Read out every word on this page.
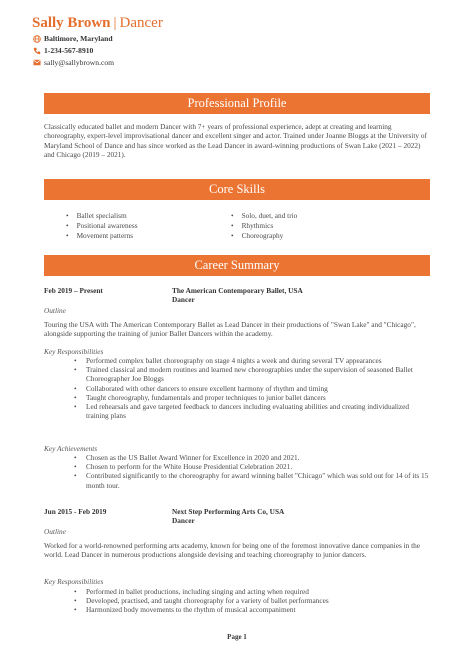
Sally Brown | Dancer
Baltimore, Maryland
1-234-567-8910
sally@sallybrown.com
Professional Profile
Classically educated ballet and modern Dancer with 7+ years of professional experience, adept at creating and learning choreography, expert-level improvisational dancer and excellent singer and actor. Trained under Joanne Bloggs at the University of Maryland School of Dance and has since worked as the Lead Dancer in award-winning productions of Swan Lake (2021 – 2022) and Chicago (2019 – 2021).
Core Skills
• Ballet specialism
• Positional awareness
• Movement patterns
• Solo, duet, and trio
• Rhythmics
• Choreography
Career Summary
Feb 2019 – Present	The American Contemporary Ballet, USA
Dancer
Outline
Touring the USA with The American Contemporary Ballet as Lead Dancer in their productions of "Swan Lake" and "Chicago", alongside supporting the training of junior Ballet Dancers within the academy.
Key Responsibilities
• Performed complex ballet choreography on stage 4 nights a week and during several TV appearances
• Trained classical and modern routines and learned new choreographies under the supervision of seasoned Ballet Choreographer Joe Bloggs
• Collaborated with other dancers to ensure excellent harmony of rhythm and timing
• Taught choreography, fundamentals and proper techniques to junior ballet dancers
• Led rehearsals and gave targeted feedback to dancers including evaluating abilities and creating individualized training plans
Key Achievements
• Chosen as the US Ballet Award Winner for Excellence in 2020 and 2021.
• Chosen to perform for the White House Presidential Celebration 2021.
• Contributed significantly to the choreography for award winning ballet "Chicago" which was sold out for 14 of its 15 month tour.
Jun 2015 - Feb 2019	Next Step Performing Arts Co, USA
Dancer
Outline
Worked for a world-renowned performing arts academy, known for being one of the foremost innovative dance companies in the world. Lead Dancer in numerous productions alongside devising and teaching choreography to junior dancers.
Key Responsibilities
• Performed in ballet productions, including singing and acting when required
• Developed, practised, and taught choreography for a variety of ballet performances
• Harmonized body movements to the rhythm of musical accompaniment
Page 1
